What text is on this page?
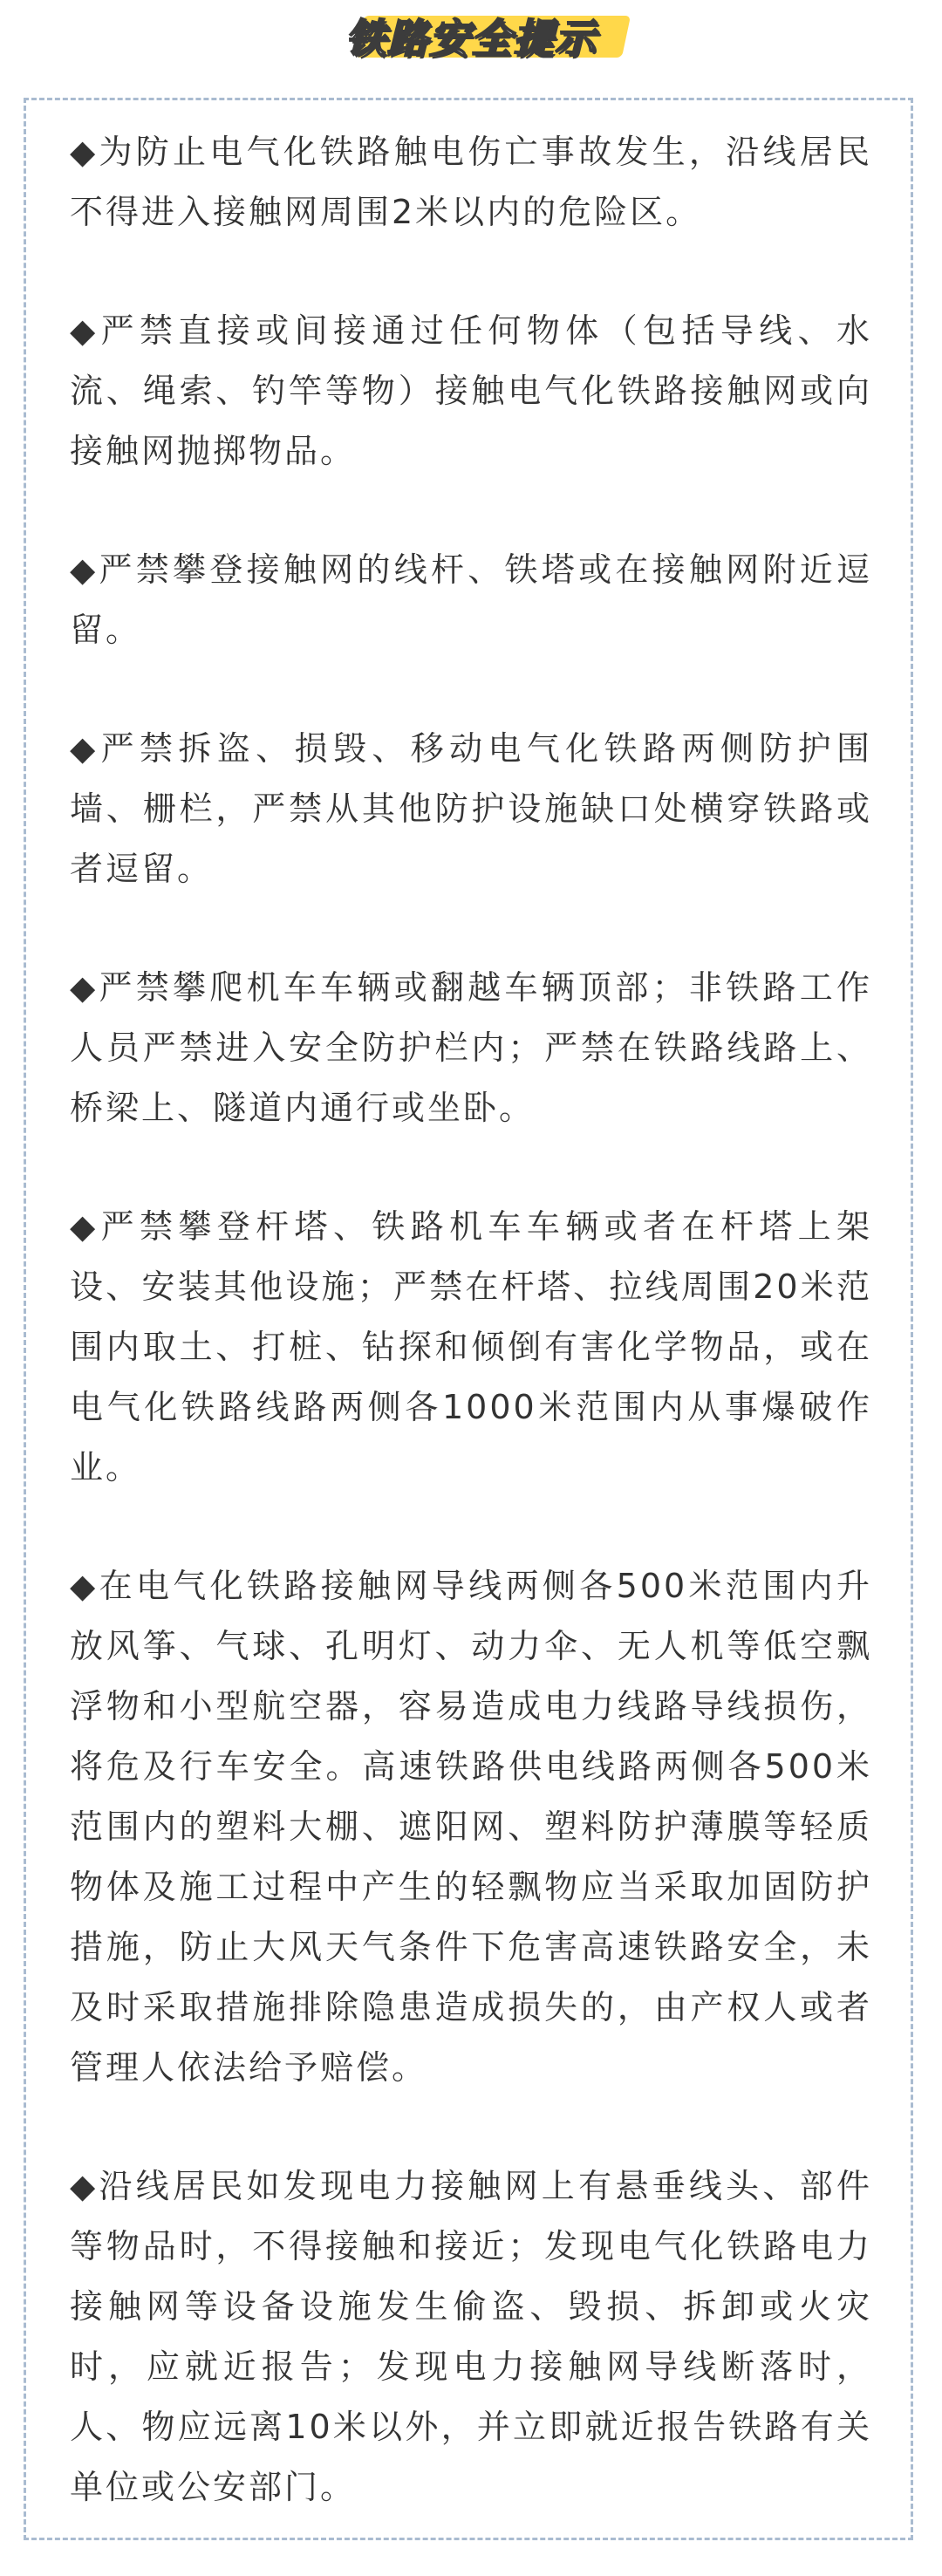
铁路安全提示

◆为防止电气化铁路触电伤亡事故发生，沿线居民不得进入接触网周围2米以内的危险区。

◆严禁直接或间接通过任何物体（包括导线、水流、绳索、钓竿等物）接触电气化铁路接触网或向接触网抛掷物品。

◆严禁攀登接触网的线杆、铁塔或在接触网附近逗留。

◆严禁拆盗、损毁、移动电气化铁路两侧防护围墙、栅栏，严禁从其他防护设施缺口处横穿铁路或者逗留。

◆严禁攀爬机车车辆或翻越车辆顶部；非铁路工作人员严禁进入安全防护栏内；严禁在铁路线路上、桥梁上、隧道内通行或坐卧。

◆严禁攀登杆塔、铁路机车车辆或者在杆塔上架设、安装其他设施；严禁在杆塔、拉线周围20米范围内取土、打桩、钻探和倾倒有害化学物品，或在电气化铁路线路两侧各1000米范围内从事爆破作业。

◆在电气化铁路接触网导线两侧各500米范围内升放风筝、气球、孔明灯、动力伞、无人机等低空飘浮物和小型航空器，容易造成电力线路导线损伤，将危及行车安全。高速铁路供电线路两侧各500米范围内的塑料大棚、遮阳网、塑料防护薄膜等轻质物体及施工过程中产生的轻飘物应当采取加固防护措施，防止大风天气条件下危害高速铁路安全，未及时采取措施排除隐患造成损失的，由产权人或者管理人依法给予赔偿。

◆沿线居民如发现电力接触网上有悬垂线头、部件等物品时，不得接触和接近；发现电气化铁路电力接触网等设备设施发生偷盗、毁损、拆卸或火灾时，应就近报告；发现电力接触网导线断落时，人、物应远离10米以外，并立即就近报告铁路有关单位或公安部门。
